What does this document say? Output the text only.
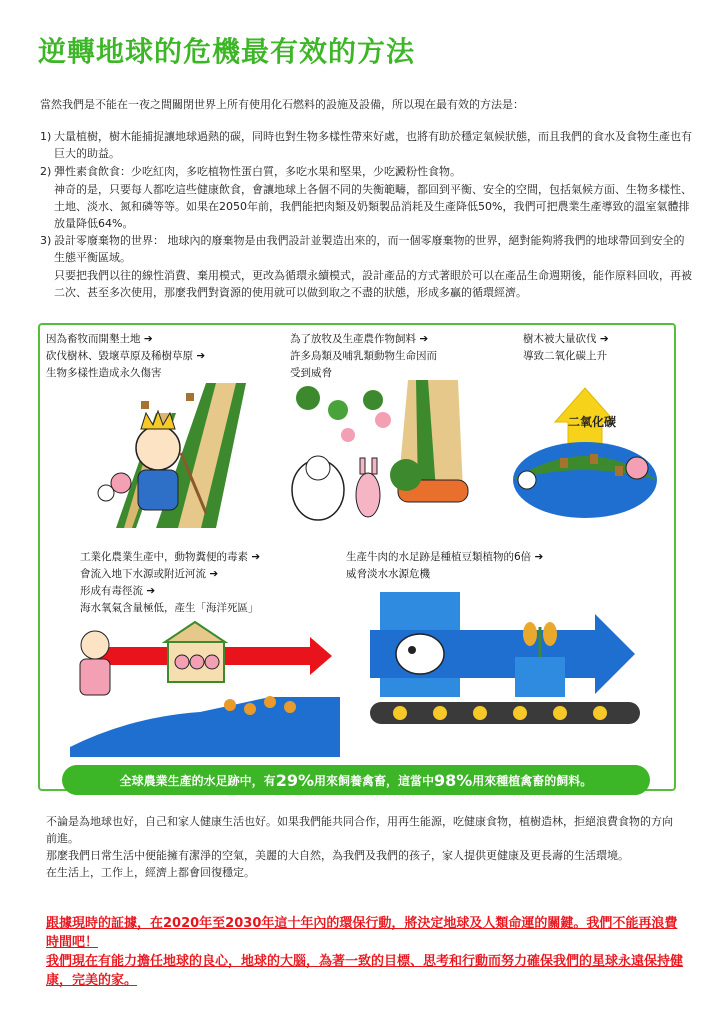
逆轉地球的危機最有效的方法
當然我們是不能在一夜之間關閉世界上所有使用化石燃料的設施及設備，所以現在最有效的方法是：
1) 大量植樹，樹木能捕捉讓地球過熱的碳，同時也對生物多樣性帶來好處，也將有助於穩定氣候狀態，而且我們的食水及食物生產也有巨大的助益。
2) 彈性素食飲食：少吃紅肉，多吃植物性蛋白質，多吃水果和堅果，少吃澱粉性食物。
神奇的是，只要每人都吃這些健康飲食，會讓地球上各個不同的失衡範疇，都回到平衡、安全的空間，包括氣候方面、生物多樣性、土地、淡水、氮和磷等等。如果在2050年前，我們能把肉類及奶類製品消耗及生產降低50%，我們可把農業生產導致的溫室氣體排放量降低64%。
3) 設計零廢棄物的世界： 地球內的廢棄物是由我們設計並製造出來的，而一個零廢棄物的世界，絕對能夠將我們的地球帶回到安全的生態平衡區域。
只要把我們以往的線性消費、棄用模式，更改為循環永續模式，設計產品的方式著眼於可以在產品生命週期後，能作原料回收，再被二次、甚至多次使用，那麼我們對資源的使用就可以做到取之不盡的狀態，形成多贏的循環經濟。
因為畜牧而開墾土地 ➔
砍伐樹林、毀壞草原及稀樹草原 ➔
生物多樣性造成永久傷害
為了放牧及生產農作物飼料 ➔
許多鳥類及哺乳類動物生命因而
受到威脅
樹木被大量砍伐 ➔
導致二氧化碳上升
工業化農業生產中，動物糞便的毒素 ➔
會流入地下水源或附近河流 ➔
形成有毒徑流 ➔
海水氧氣含量極低，產生「海洋死區」
生產牛肉的水足跡是種植豆類植物的6倍 ➔
威脅淡水水源危機
二氧化碳
全球農業生產的水足跡中，有 29% 用來飼養禽畜，這當中 98% 用來種植禽畜的飼料。
不論是為地球也好，自己和家人健康生活也好。如果我們能共同合作，用再生能源，吃健康食物，植樹造林，拒絕浪費食物的方向前進。
那麼我們日常生活中便能擁有潔淨的空氣，美麗的大自然，為我們及我們的孩子，家人提供更健康及更長壽的生活環境。
在生活上，工作上，經濟上都會回復穩定。
跟據現時的証據，在2020年至2030年這十年內的環保行動，將決定地球及人類命運的關鍵。我們不能再浪費時間吧！
我們現在有能力擔任地球的良心，地球的大腦，為著一致的目標、思考和行動而努力確保我們的星球永遠保持健康，完美的家。
